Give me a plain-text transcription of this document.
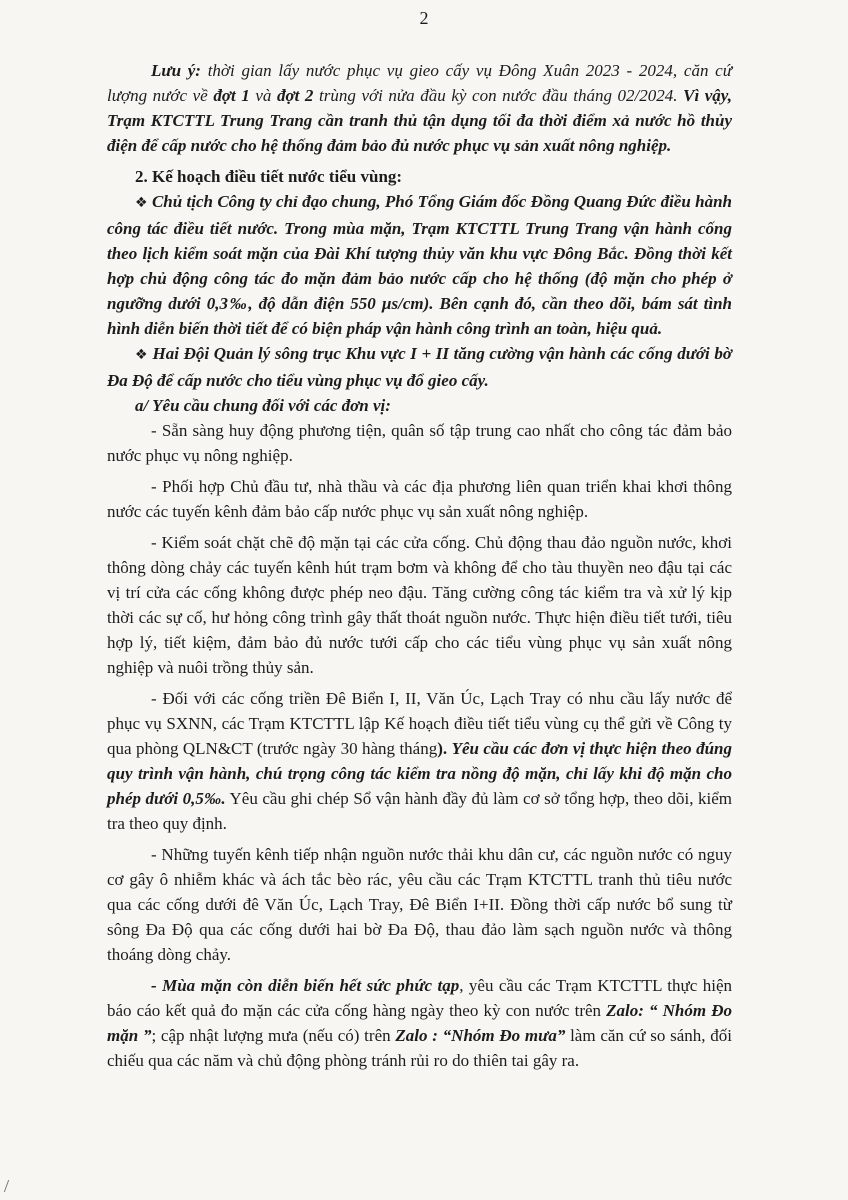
2

Lưu ý: thời gian lấy nước phục vụ gieo cấy vụ Đông Xuân 2023 - 2024, căn cứ lượng nước về đợt 1 và đợt 2 trùng với nửa đầu kỳ con nước đầu tháng 02/2024. Vì vậy, Trạm KTCTTL Trung Trang cần tranh thủ tận dụng tối đa thời điểm xả nước hồ thủy điện để cấp nước cho hệ thống đảm bảo đủ nước phục vụ sản xuất nông nghiệp.

2. Kế hoạch điều tiết nước tiểu vùng:

❖ Chủ tịch Công ty chỉ đạo chung, Phó Tổng Giám đốc Đồng Quang Đức điều hành công tác điều tiết nước. Trong mùa mặn, Trạm KTCTTL Trung Trang vận hành cống theo lịch kiểm soát mặn của Đài Khí tượng thủy văn khu vực Đông Bắc. Đồng thời kết hợp chủ động công tác đo mặn đảm bảo nước cấp cho hệ thống (độ mặn cho phép ở ngưỡng dưới 0,3‰, độ dẫn điện 550 µs/cm). Bên cạnh đó, cần theo dõi, bám sát tình hình diễn biến thời tiết để có biện pháp vận hành công trình an toàn, hiệu quả.

❖ Hai Đội Quản lý sông trục Khu vực I + II tăng cường vận hành các cống dưới bờ Đa Độ để cấp nước cho tiểu vùng phục vụ đổ gieo cấy.

a/ Yêu cầu chung đối với các đơn vị:

- Sẵn sàng huy động phương tiện, quân số tập trung cao nhất cho công tác đảm bảo nước phục vụ nông nghiệp.

- Phối hợp Chủ đầu tư, nhà thầu và các địa phương liên quan triển khai khơi thông nước các tuyến kênh đảm bảo cấp nước phục vụ sản xuất nông nghiệp.

- Kiểm soát chặt chẽ độ mặn tại các cửa cống. Chủ động thau đảo nguồn nước, khơi thông dòng chảy các tuyến kênh hút trạm bơm và không để cho tàu thuyền neo đậu tại các vị trí cửa các cống không được phép neo đậu. Tăng cường công tác kiểm tra và xử lý kịp thời các sự cố, hư hỏng công trình gây thất thoát nguồn nước. Thực hiện điều tiết tưới, tiêu hợp lý, tiết kiệm, đảm bảo đủ nước tưới cấp cho các tiểu vùng phục vụ sản xuất nông nghiệp và nuôi trồng thủy sản.

- Đối với các cống triền Đê Biển I, II, Văn Úc, Lạch Tray có nhu cầu lấy nước để phục vụ SXNN, các Trạm KTCTTL lập Kế hoạch điều tiết tiểu vùng cụ thể gửi về Công ty qua phòng QLN&CT (trước ngày 30 hàng tháng). Yêu cầu các đơn vị thực hiện theo đúng quy trình vận hành, chú trọng công tác kiểm tra nồng độ mặn, chỉ lấy khi độ mặn cho phép dưới 0,5‰. Yêu cầu ghi chép Sổ vận hành đầy đủ làm cơ sở tổng hợp, theo dõi, kiểm tra theo quy định.

- Những tuyến kênh tiếp nhận nguồn nước thải khu dân cư, các nguồn nước có nguy cơ gây ô nhiễm khác và ách tắc bèo rác, yêu cầu các Trạm KTCTTL tranh thủ tiêu nước qua các cống dưới đê Văn Úc, Lạch Tray, Đê Biển I+II. Đồng thời cấp nước bổ sung từ sông Đa Độ qua các cống dưới hai bờ Đa Độ, thau đảo làm sạch nguồn nước và thông thoáng dòng chảy.

- Mùa mặn còn diễn biến hết sức phức tạp, yêu cầu các Trạm KTCTTL thực hiện báo cáo kết quả đo mặn các cửa cống hàng ngày theo kỳ con nước trên Zalo: “ Nhóm Đo mặn ”; cập nhật lượng mưa (nếu có) trên Zalo : “Nhóm Đo mưa” làm căn cứ so sánh, đối chiếu qua các năm và chủ động phòng tránh rủi ro do thiên tai gây ra.
